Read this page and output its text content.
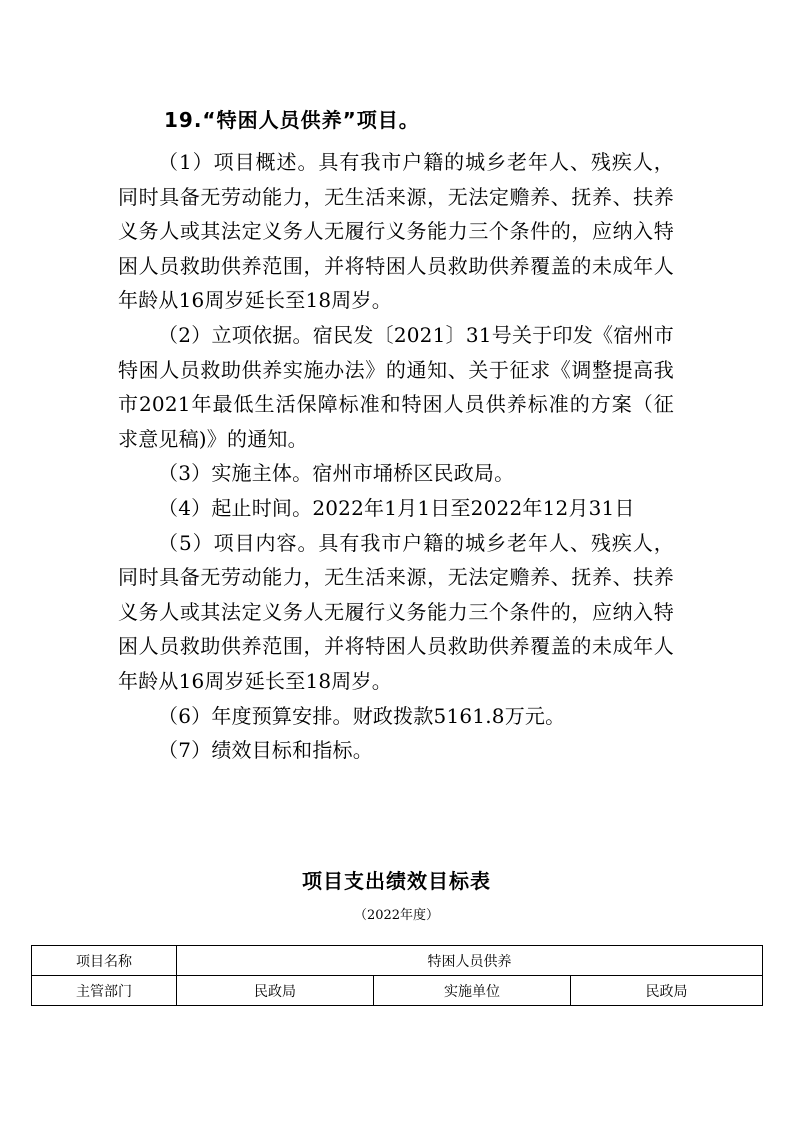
19.“特困人员供养”项目。

（1）项目概述。具有我市户籍的城乡老年人、残疾人，同时具备无劳动能力，无生活来源，无法定赡养、抚养、扶养义务人或其法定义务人无履行义务能力三个条件的，应纳入特困人员救助供养范围，并将特困人员救助供养覆盖的未成年人年龄从16周岁延长至18周岁。

（2）立项依据。宿民发〔2021〕31号关于印发《宿州市特困人员救助供养实施办法》的通知、关于征求《调整提高我市2021年最低生活保障标准和特困人员供养标准的方案（征求意见稿)》的通知。

（3）实施主体。宿州市埇桥区民政局。

（4）起止时间。2022年1月1日至2022年12月31日

（5）项目内容。具有我市户籍的城乡老年人、残疾人，同时具备无劳动能力，无生活来源，无法定赡养、抚养、扶养义务人或其法定义务人无履行义务能力三个条件的，应纳入特困人员救助供养范围，并将特困人员救助供养覆盖的未成年人年龄从16周岁延长至18周岁。

（6）年度预算安排。财政拨款5161.8万元。

（7）绩效目标和指标。

项目支出绩效目标表
（2022年度）
项目名称	特困人员供养		
主管部门	民政局	实施单位	民政局
